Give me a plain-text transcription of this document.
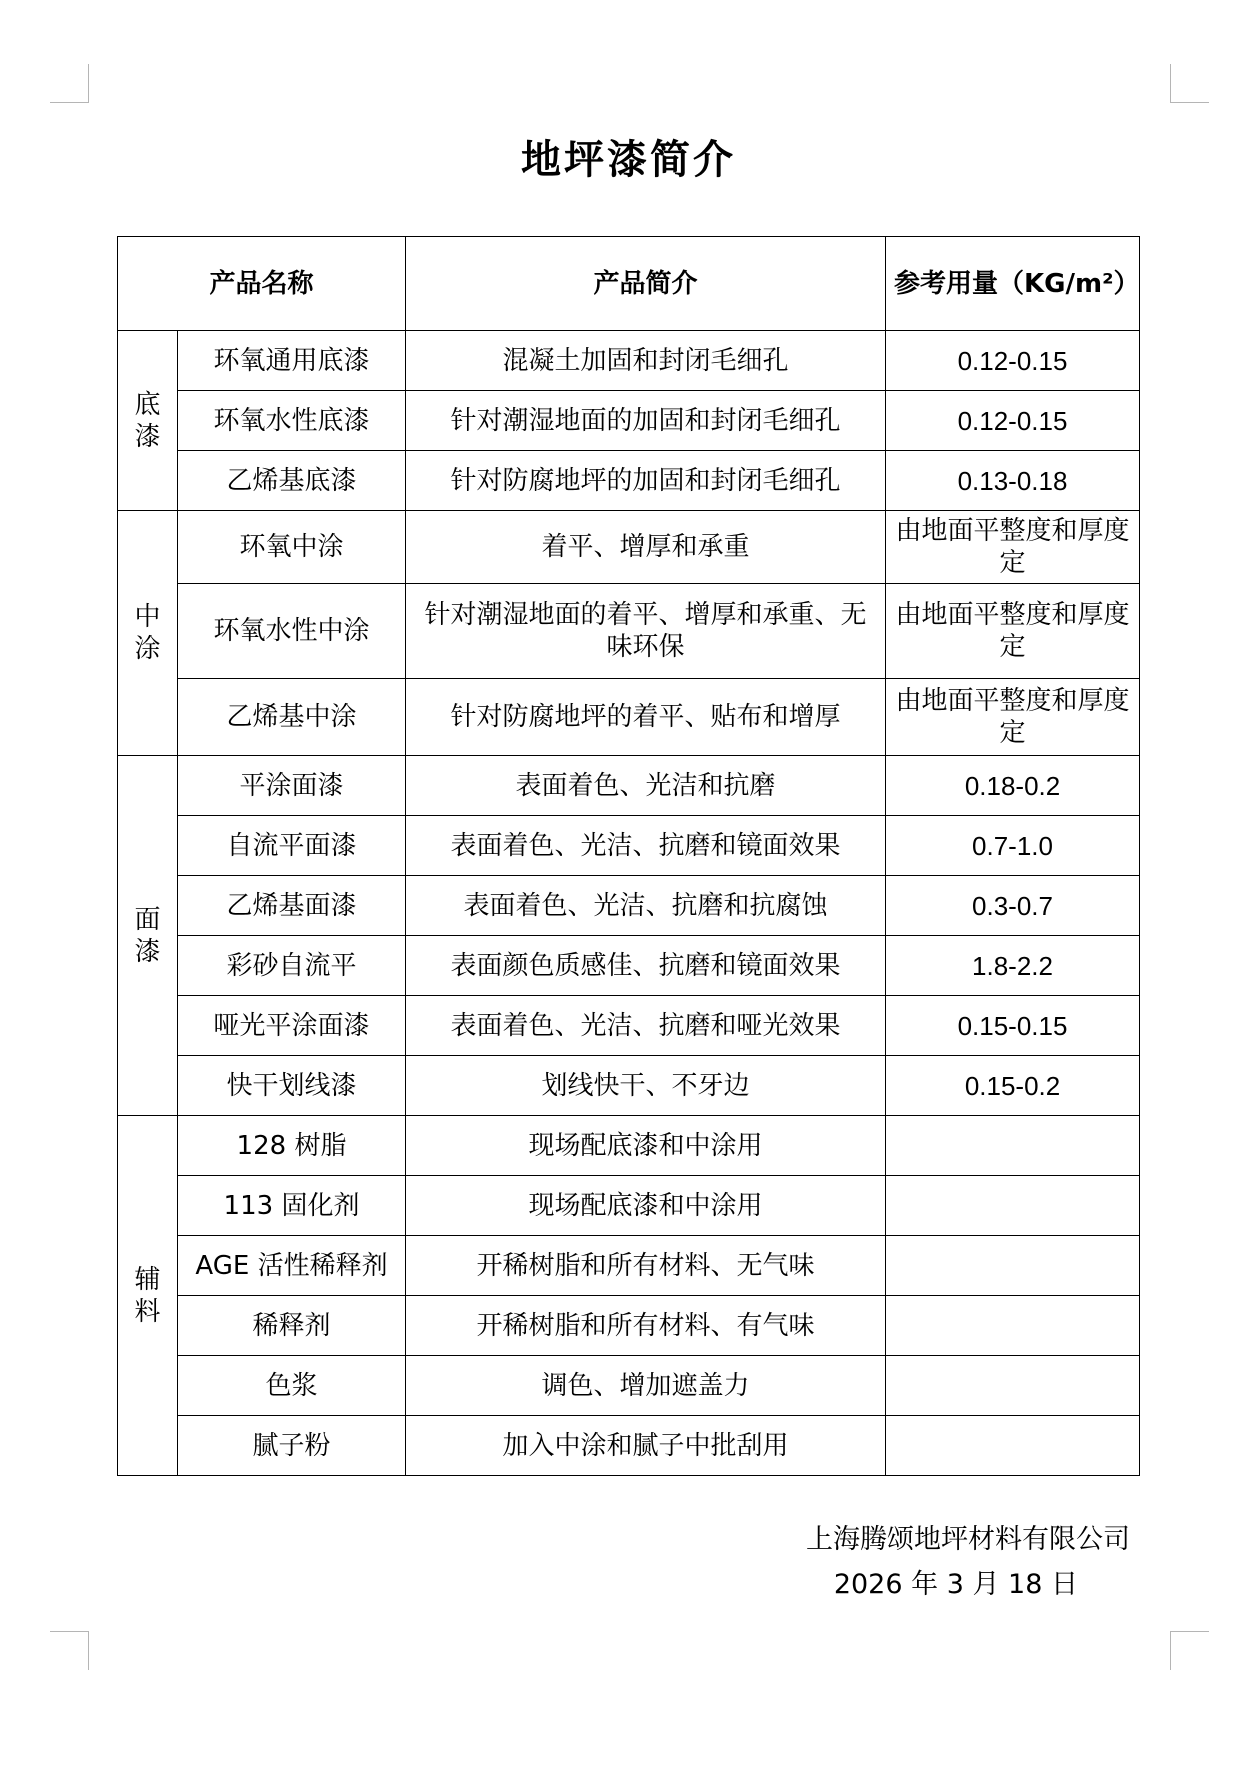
地坪漆简介
产品名称		产品简介	参考用量（KG/m²）

底
漆	环氧通用底漆	混凝土加固和封闭毛细孔	0.12-0.15
	环氧水性底漆	针对潮湿地面的加固和封闭毛细孔	0.12-0.15
	乙烯基底漆	针对防腐地坪的加固和封闭毛细孔	0.13-0.18

中
涂	环氧中涂	着平、增厚和承重	由地面平整度和厚度定
	环氧水性中涂	针对潮湿地面的着平、增厚和承重、无味环保	由地面平整度和厚度定
	乙烯基中涂	针对防腐地坪的着平、贴布和增厚	由地面平整度和厚度定

面
漆	平涂面漆	表面着色、光洁和抗磨	0.18-0.2
	自流平面漆	表面着色、光洁、抗磨和镜面效果	0.7-1.0
	乙烯基面漆	表面着色、光洁、抗磨和抗腐蚀	0.3-0.7
	彩砂自流平	表面颜色质感佳、抗磨和镜面效果	1.8-2.2
	哑光平涂面漆	表面着色、光洁、抗磨和哑光效果	0.15-0.15
	快干划线漆	划线快干、不牙边	0.15-0.2

辅
料	128 树脂	现场配底漆和中涂用	
	113 固化剂	现场配底漆和中涂用	
	AGE 活性稀释剂	开稀树脂和所有材料、无气味	
	稀释剂	开稀树脂和所有材料、有气味	
	色浆	调色、增加遮盖力	
	腻子粉	加入中涂和腻子中批刮用	

上海腾颂地坪材料有限公司

2026 年 3 月 18 日
